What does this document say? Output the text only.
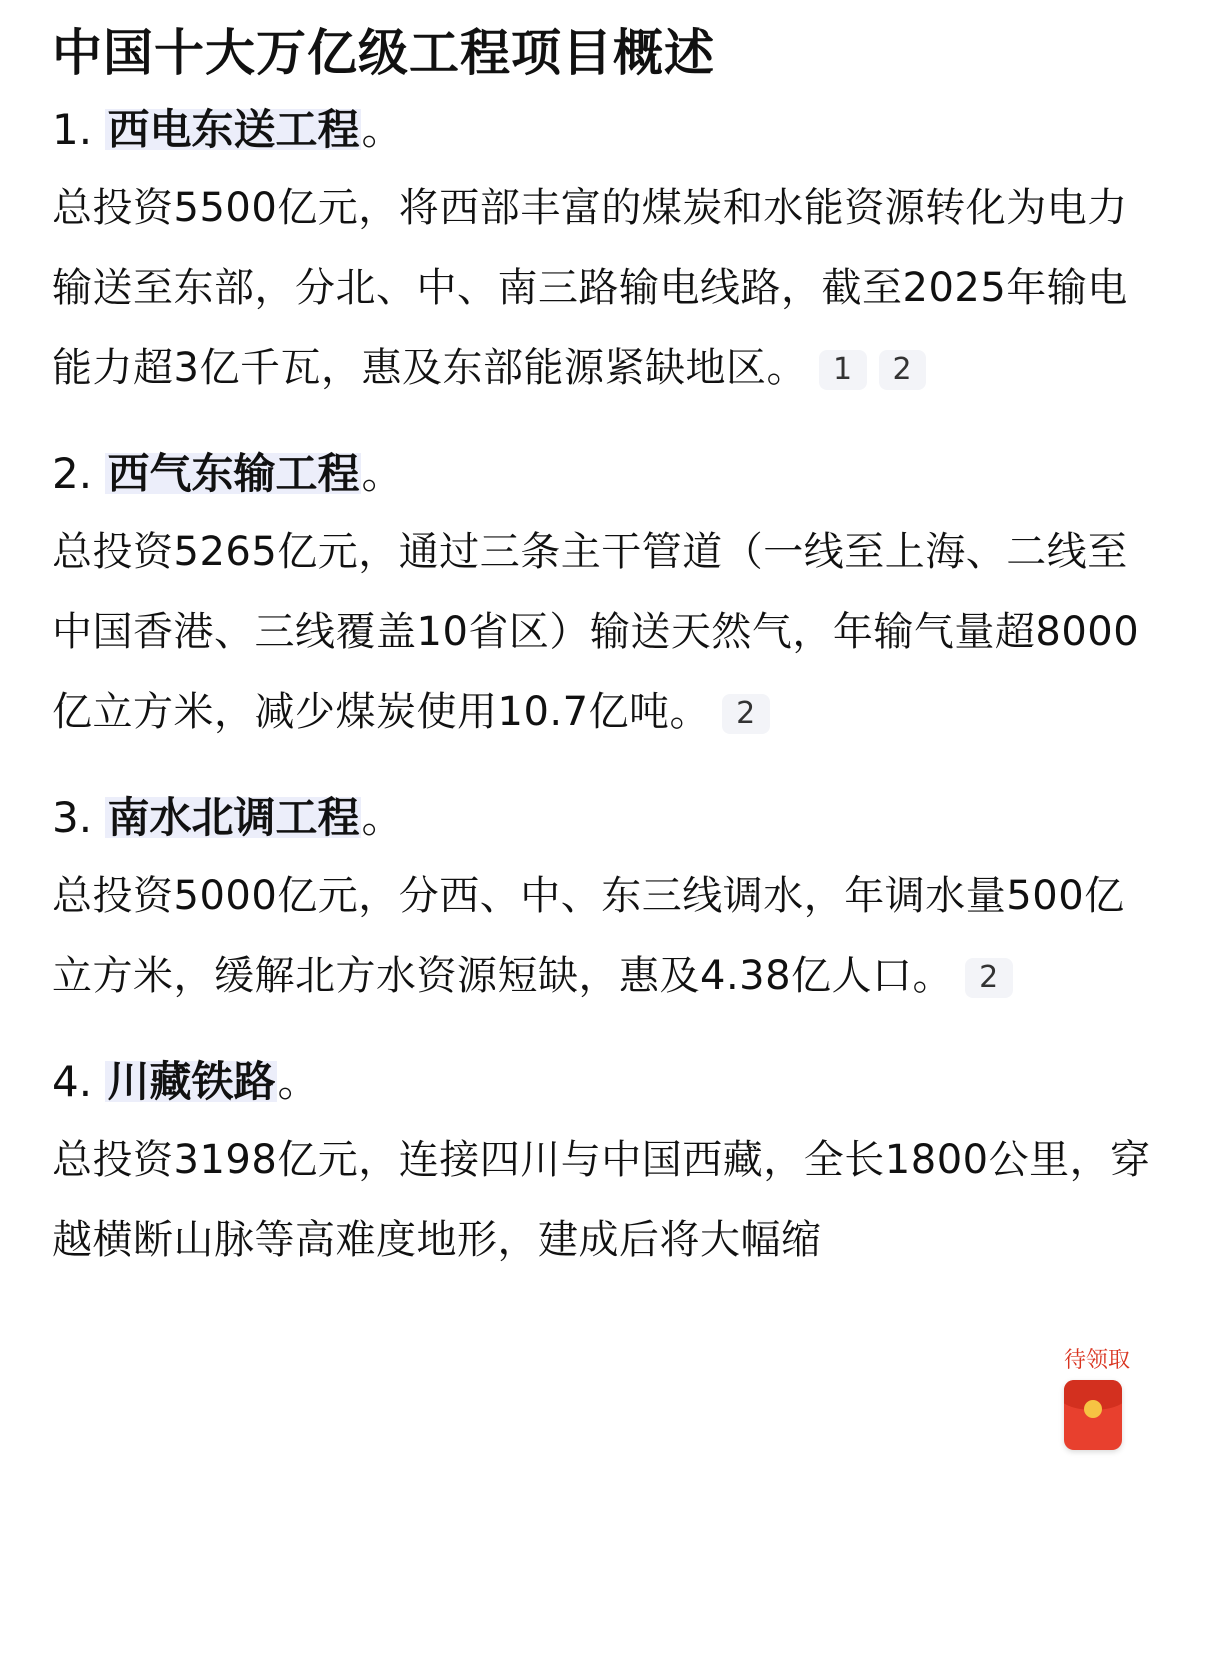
中国十大万亿级工程项目概述
1. 西电东送工程。

总投资5500亿元，将西部丰富的煤炭和水能资源转化为电力输送至东部，分北、中、南三路输电线路，截至2025年输电能力超3亿千瓦，惠及东部能源紧缺地区。 1 2

2. 西气东输工程。

总投资5265亿元，通过三条主干管道（一线至上海、二线至中国香港、三线覆盖10省区）输送天然气，年输气量超8000亿立方米，减少煤炭使用10.7亿吨。 2

3. 南水北调工程。

总投资5000亿元，分西、中、东三线调水，年调水量500亿立方米，缓解北方水资源短缺，惠及4.38亿人口。 2

4. 川藏铁路。

总投资3198亿元，连接四川与中国西藏，全长1800公里，穿越横断山脉等高难度地形，建成后将大幅缩

待领取
